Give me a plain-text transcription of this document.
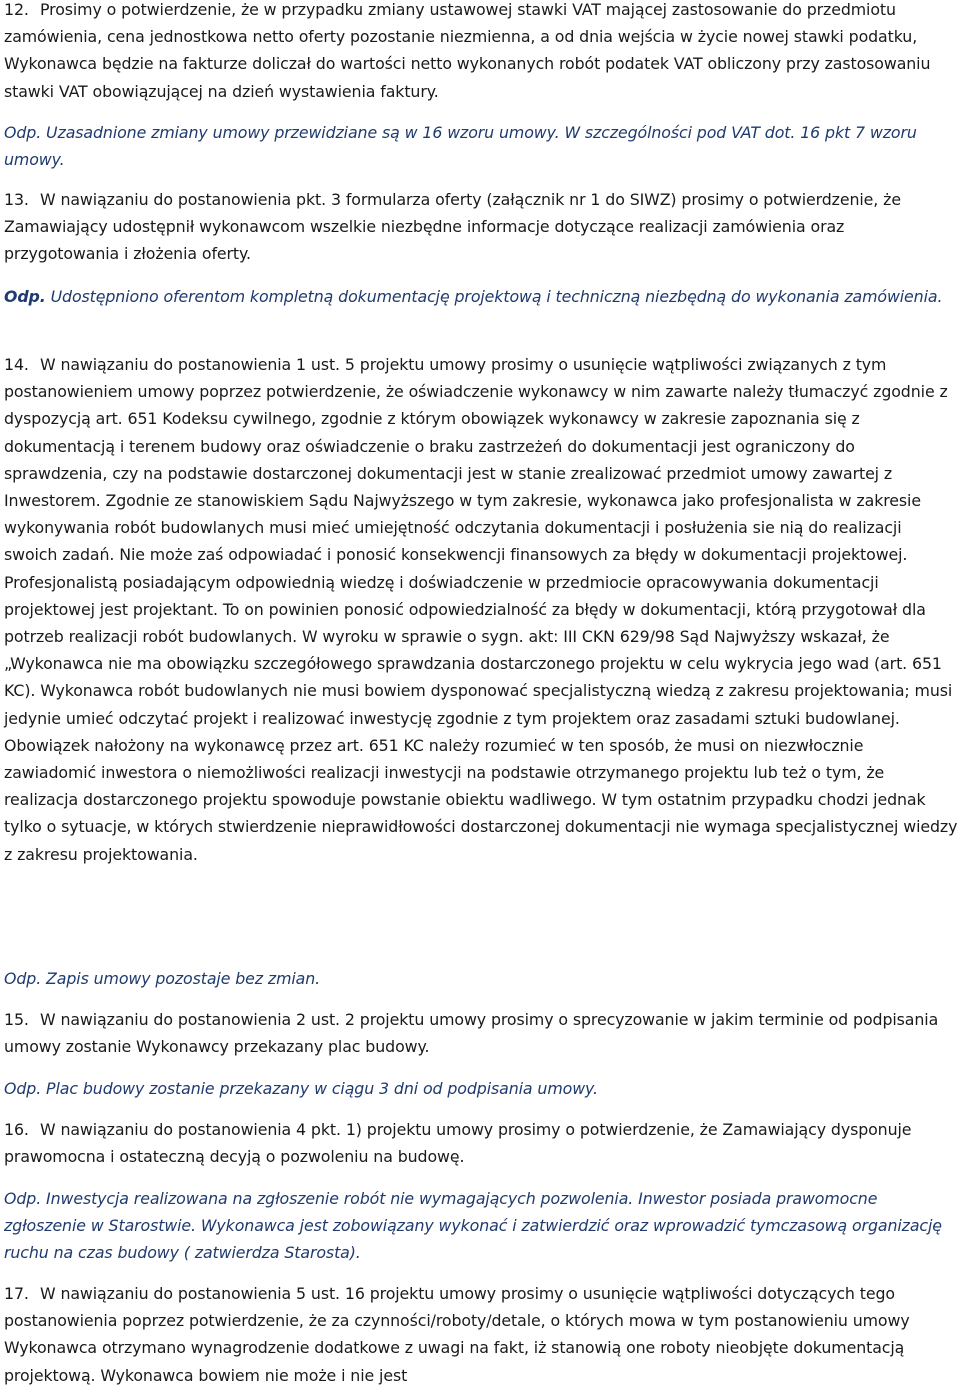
12. Prosimy o potwierdzenie, że w przypadku zmiany ustawowej stawki VAT mającej zastosowanie do przedmiotu zamówienia, cena jednostkowa netto oferty pozostanie niezmienna, a od dnia wejścia w życie nowej stawki podatku, Wykonawca będzie na fakturze doliczał do wartości netto wykonanych robót podatek VAT obliczony przy zastosowaniu stawki VAT obowiązującej na dzień wystawienia faktury.

Odp. Uzasadnione zmiany umowy przewidziane są w 16 wzoru umowy. W szczególności pod VAT dot. 16 pkt 7 wzoru umowy.

13. W nawiązaniu do postanowienia pkt. 3 formularza oferty (załącznik nr 1 do SIWZ) prosimy o potwierdzenie, że Zamawiający udostępnił wykonawcom wszelkie niezbędne informacje dotyczące realizacji zamówienia oraz przygotowania i złożenia oferty.

Odp. Udostępniono oferentom kompletną dokumentację projektową i techniczną niezbędną do wykonania zamówienia.

14. W nawiązaniu do postanowienia 1 ust. 5 projektu umowy prosimy o usunięcie wątpliwości związanych z tym postanowieniem umowy poprzez potwierdzenie, że oświadczenie wykonawcy w nim zawarte należy tłumaczyć zgodnie z dyspozycją art. 651 Kodeksu cywilnego, zgodnie z którym obowiązek wykonawcy w zakresie zapoznania się z dokumentacją i terenem budowy oraz oświadczenie o braku zastrzeżeń do dokumentacji jest ograniczony do sprawdzenia, czy na podstawie dostarczonej dokumentacji jest w stanie zrealizować przedmiot umowy zawartej z Inwestorem. Zgodnie ze stanowiskiem Sądu Najwyższego w tym zakresie, wykonawca jako profesjonalista w zakresie wykonywania robót budowlanych musi mieć umiejętność odczytania dokumentacji i posłużenia sie nią do realizacji swoich zadań. Nie może zaś odpowiadać i ponosić konsekwencji finansowych za błędy w dokumentacji projektowej. Profesjonalistą posiadającym odpowiednią wiedzę i doświadczenie w przedmiocie opracowywania dokumentacji projektowej jest projektant. To on powinien ponosić odpowiedzialność za błędy w dokumentacji, którą przygotował dla potrzeb realizacji robót budowlanych. W wyroku w sprawie o sygn. akt: III CKN 629/98 Sąd Najwyższy wskazał, że „Wykonawca nie ma obowiązku szczegółowego sprawdzania dostarczonego projektu w celu wykrycia jego wad (art. 651 KC). Wykonawca robót budowlanych nie musi bowiem dysponować specjalistyczną wiedzą z zakresu projektowania; musi jedynie umieć odczytać projekt i realizować inwestycję zgodnie z tym projektem oraz zasadami sztuki budowlanej. Obowiązek nałożony na wykonawcę przez art. 651 KC należy rozumieć w ten sposób, że musi on niezwłocznie zawiadomić inwestora o niemożliwości realizacji inwestycji na podstawie otrzymanego projektu lub też o tym, że realizacja dostarczonego projektu spowoduje powstanie obiektu wadliwego. W tym ostatnim przypadku chodzi jednak tylko o sytuacje, w których stwierdzenie nieprawidłowości dostarczonej dokumentacji nie wymaga specjalistycznej wiedzy z zakresu projektowania.

Odp. Zapis umowy pozostaje bez zmian.

15. W nawiązaniu do postanowienia 2 ust. 2 projektu umowy prosimy o sprecyzowanie w jakim terminie od podpisania umowy zostanie Wykonawcy przekazany plac budowy.

Odp. Plac budowy zostanie przekazany w ciągu 3 dni od podpisania umowy.

16. W nawiązaniu do postanowienia 4 pkt. 1) projektu umowy prosimy o potwierdzenie, że Zamawiający dysponuje prawomocna i ostateczną decyją o pozwoleniu na budowę.

Odp. Inwestycja realizowana na zgłoszenie robót nie wymagających pozwolenia. Inwestor posiada prawomocne zgłoszenie w Starostwie. Wykonawca jest zobowiązany wykonać i zatwierdzić oraz wprowadzić tymczasową organizację ruchu na czas budowy ( zatwierdza Starosta).

17. W nawiązaniu do postanowienia 5 ust. 16 projektu umowy prosimy o usunięcie wątpliwości dotyczących tego postanowienia poprzez potwierdzenie, że za czynności/roboty/detale, o których mowa w tym postanowieniu umowy Wykonawca otrzymano wynagrodzenie dodatkowe z uwagi na fakt, iż stanowią one roboty nieobjęte dokumentacją projektową. Wykonawca bowiem nie może i nie jest
